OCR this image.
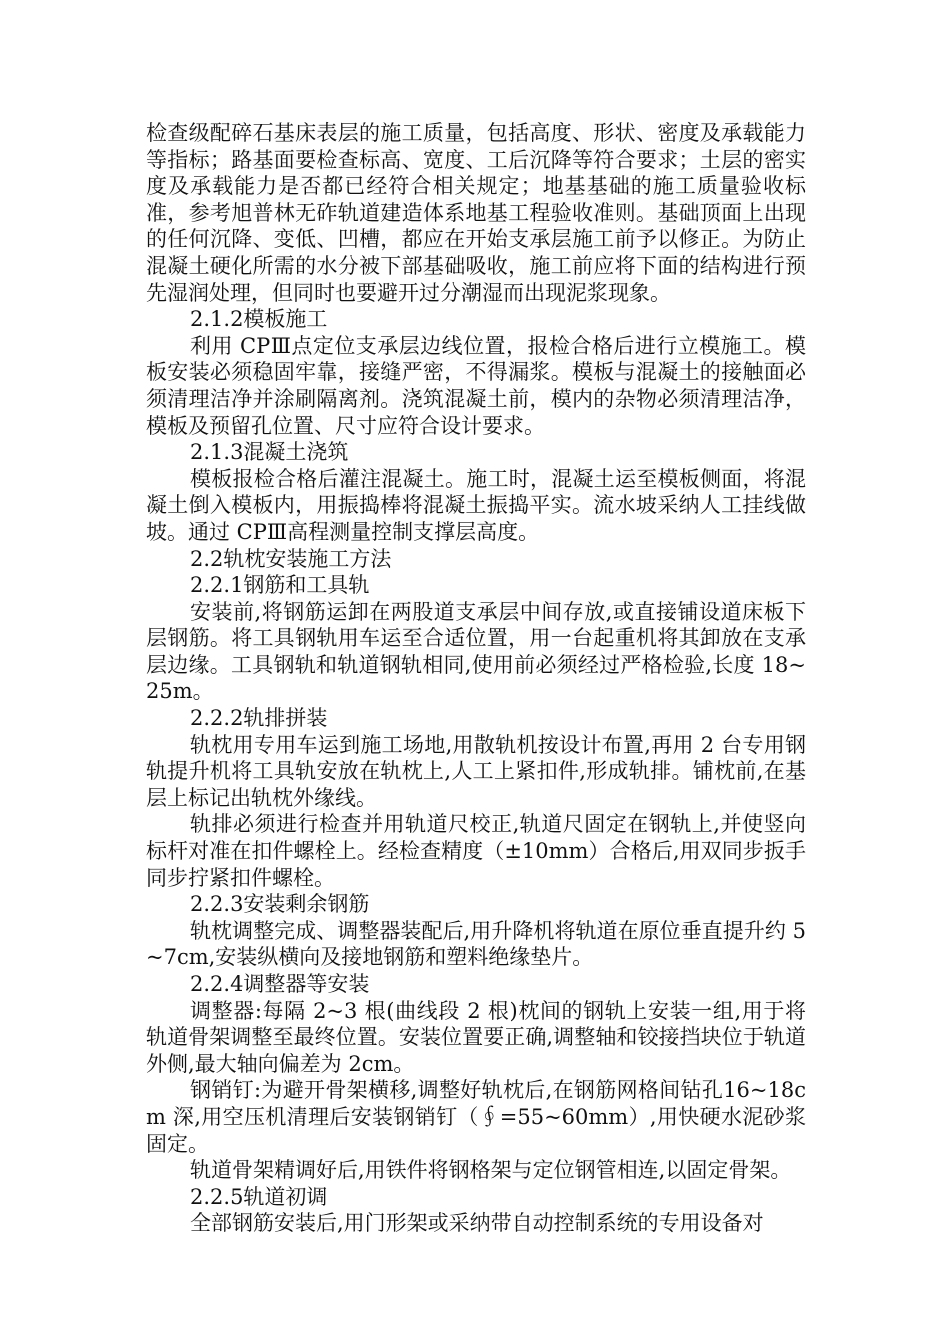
检查级配碎石基床表层的施工质量，包括高度、形状、密度及承载能力等指标；路基面要检查标高、宽度、工后沉降等符合要求；土层的密实度及承载能力是否都已经符合相关规定；地基基础的施工质量验收标准，参考旭普林无砟轨道建造体系地基工程验收准则。基础顶面上出现的任何沉降、变低、凹槽，都应在开始支承层施工前予以修正。为防止混凝土硬化所需的水分被下部基础吸收，施工前应将下面的结构进行预先湿润处理，但同时也要避开过分潮湿而出现泥浆现象。

2.1.2模板施工

利用 CPⅢ点定位支承层边线位置，报检合格后进行立模施工。模板安装必须稳固牢靠，接缝严密，不得漏浆。模板与混凝土的接触面必须清理洁净并涂刷隔离剂。浇筑混凝土前，模内的杂物必须清理洁净，模板及预留孔位置、尺寸应符合设计要求。

2.1.3混凝土浇筑

模板报检合格后灌注混凝土。施工时，混凝土运至模板侧面，将混凝土倒入模板内，用振捣棒将混凝土振捣平实。流水坡采纳人工挂线做坡。通过 CPⅢ高程测量控制支撑层高度。

2.2轨枕安装施工方法

2.2.1钢筋和工具轨

安装前,将钢筋运卸在两股道支承层中间存放,或直接铺设道床板下层钢筋。将工具钢轨用车运至合适位置，用一台起重机将其卸放在支承层边缘。工具钢轨和轨道钢轨相同,使用前必须经过严格检验,长度 18~25m。

2.2.2轨排拼装

轨枕用专用车运到施工场地,用散轨机按设计布置,再用 2 台专用钢轨提升机将工具轨安放在轨枕上,人工上紧扣件,形成轨排。铺枕前,在基层上标记出轨枕外缘线。

轨排必须进行检查并用轨道尺校正,轨道尺固定在钢轨上,并使竖向标杆对准在扣件螺栓上。经检查精度（±10mm）合格后,用双同步扳手同步拧紧扣件螺栓。

2.2.3安装剩余钢筋

轨枕调整完成、调整器装配后,用升降机将轨道在原位垂直提升约 5~7cm,安装纵横向及接地钢筋和塑料绝缘垫片。

2.2.4调整器等安装

调整器:每隔 2~3 根(曲线段 2 根)枕间的钢轨上安装一组,用于将轨道骨架调整至最终位置。安装位置要正确,调整轴和铰接挡块位于轨道外侧,最大轴向偏差为 2cm。

钢销钉:为避开骨架横移,调整好轨枕后,在钢筋网格间钻孔16~18cm 深,用空压机清理后安装钢销钉（∮=55~60mm）,用快硬水泥砂浆固定。

轨道骨架精调好后,用铁件将钢格架与定位钢管相连,以固定骨架。

2.2.5轨道初调

全部钢筋安装后,用门形架或采纳带自动控制系统的专用设备对
